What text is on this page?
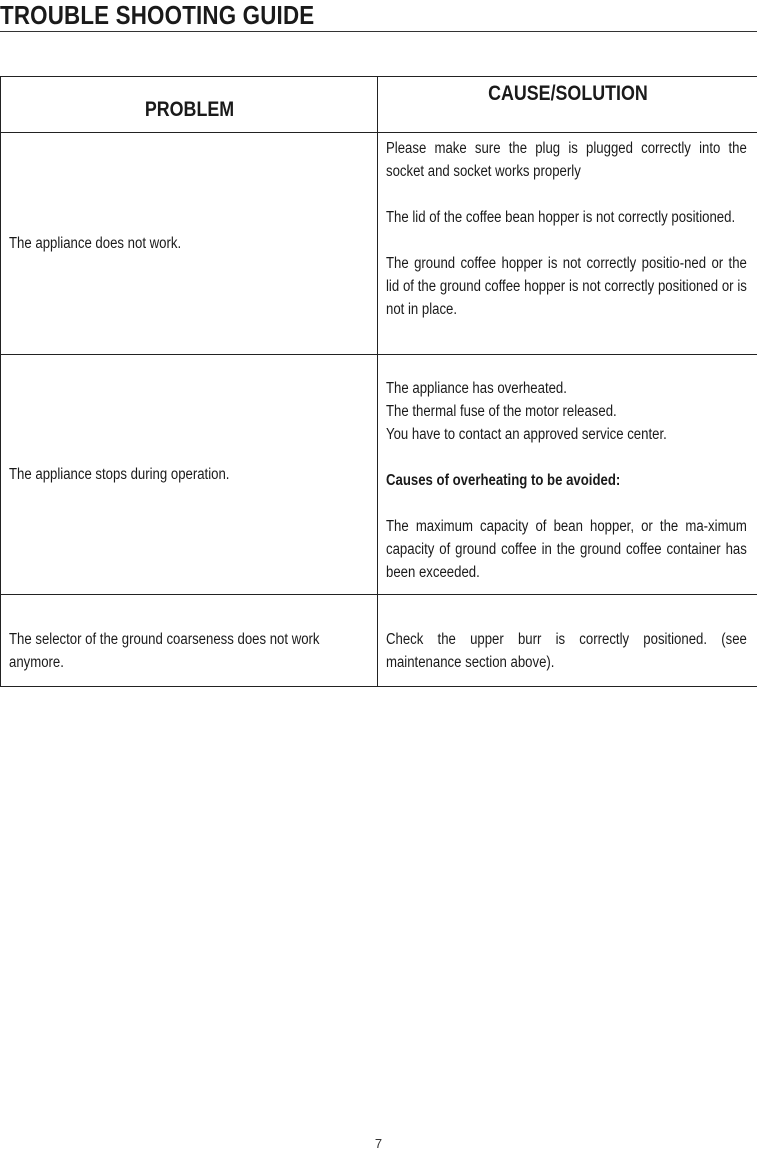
TROUBLE SHOOTING GUIDE
PROBLEM	CAUSE/SOLUTION

The appliance does not work.	Please make sure the plug is plugged correctly into the socket and socket works properly

The lid of the coffee bean hopper is not correctly positioned.

The ground coffee hopper is not correctly positio-ned or the lid of the ground coffee hopper is not correctly positioned or is not in place.

The appliance stops during operation.	The appliance has overheated.

The thermal fuse of the motor released.

You have to contact an approved service center.

Causes of overheating to be avoided:

The maximum capacity of bean hopper, or the ma-ximum capacity of ground coffee in the ground coffee container has been exceeded.

The selector of the ground coarseness does not work anymore.	Check the upper burr is correctly positioned. (see maintenance section above).

7
